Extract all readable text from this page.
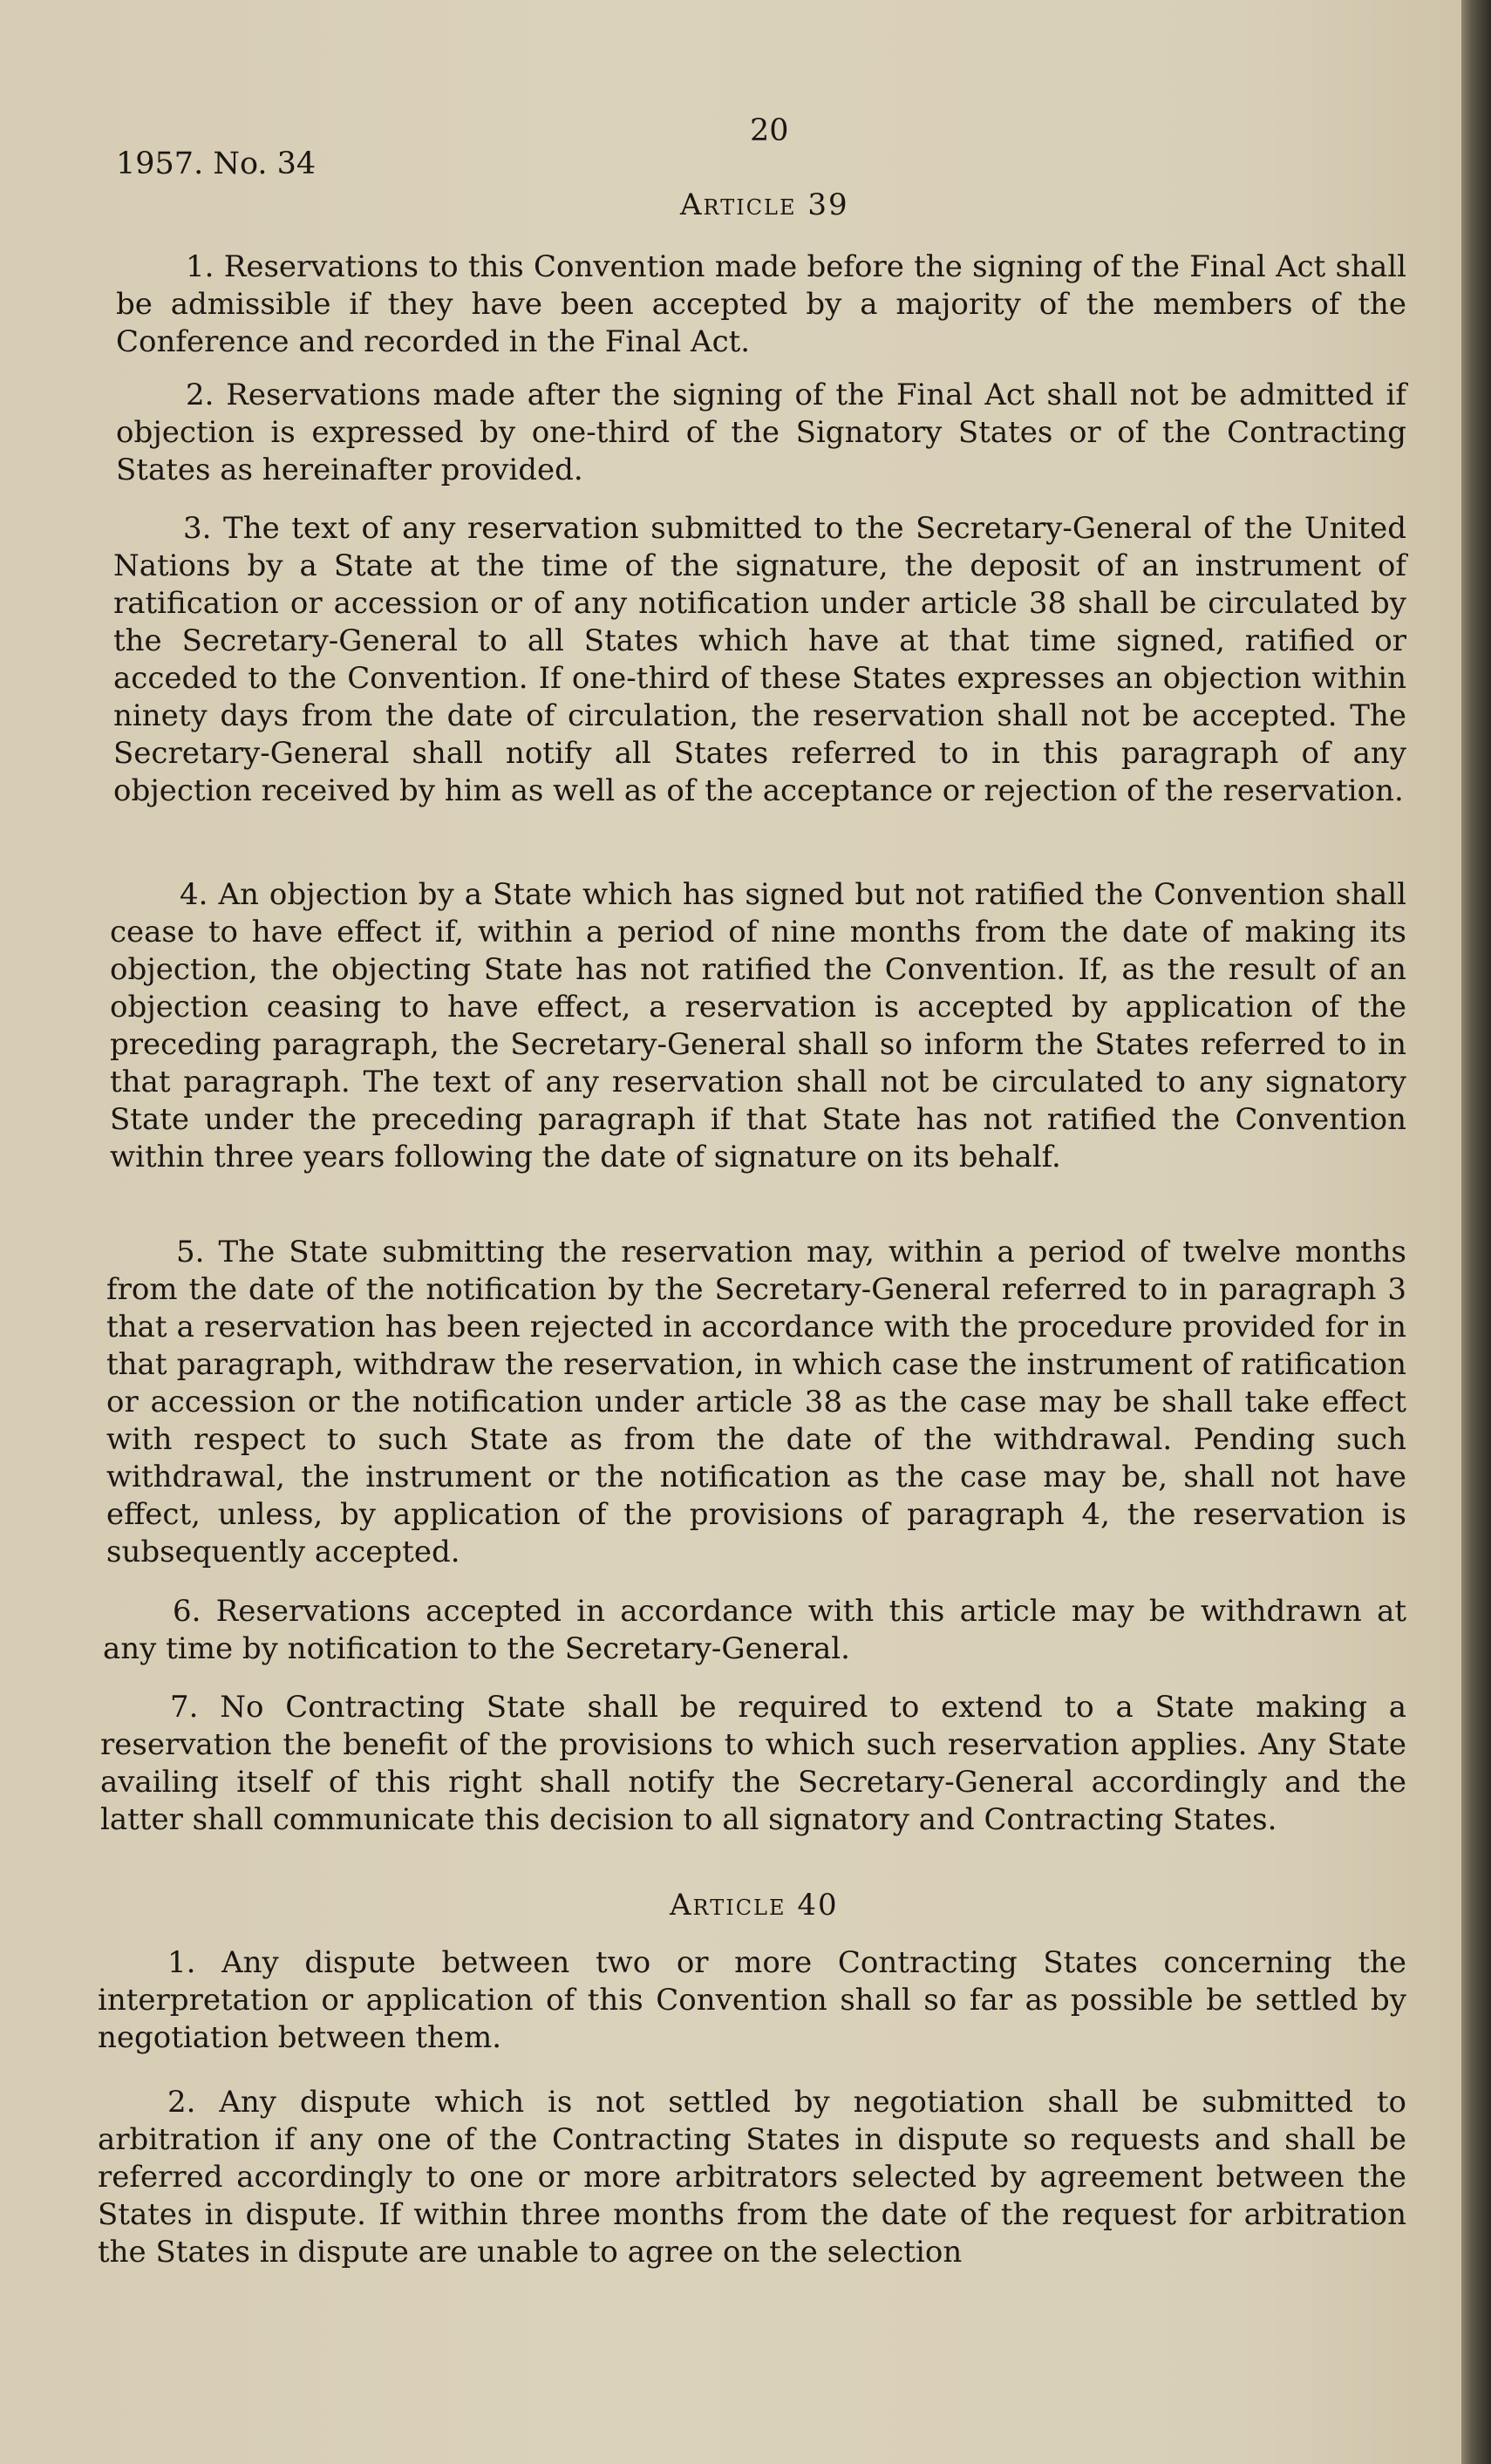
20
1957. No. 34
Article 39

1. Reservations to this Convention made before the signing of the Final Act shall be admissible if they have been accepted by a majority of the members of the Conference and recorded in the Final Act.

2. Reservations made after the signing of the Final Act shall not be admitted if objection is expressed by one-third of the Signatory States or of the Contracting States as hereinafter provided.

3. The text of any reservation submitted to the Secretary-General of the United Nations by a State at the time of the signature, the deposit of an instrument of ratification or accession or of any notification under article 38 shall be circulated by the Secretary-General to all States which have at that time signed, ratified or acceded to the Convention. If one-third of these States expresses an objection within ninety days from the date of circulation, the reservation shall not be accepted. The Secretary-General shall notify all States referred to in this paragraph of any objection received by him as well as of the acceptance or rejection of the reservation.

4. An objection by a State which has signed but not ratified the Convention shall cease to have effect if, within a period of nine months from the date of making its objection, the objecting State has not ratified the Convention. If, as the result of an objection ceasing to have effect, a reservation is accepted by application of the preceding paragraph, the Secretary-General shall so inform the States referred to in that paragraph. The text of any reservation shall not be circulated to any signatory State under the preceding paragraph if that State has not ratified the Convention within three years following the date of signature on its behalf.

5. The State submitting the reservation may, within a period of twelve months from the date of the notification by the Secretary-General referred to in paragraph 3 that a reservation has been rejected in accordance with the procedure provided for in that paragraph, withdraw the reservation, in which case the instrument of ratification or accession or the notification under article 38 as the case may be shall take effect with respect to such State as from the date of the withdrawal. Pending such withdrawal, the instrument or the notification as the case may be, shall not have effect, unless, by application of the provisions of paragraph 4, the reservation is subsequently accepted.

6. Reservations accepted in accordance with this article may be withdrawn at any time by notification to the Secretary-General.

7. No Contracting State shall be required to extend to a State making a reservation the benefit of the provisions to which such reservation applies. Any State availing itself of this right shall notify the Secretary-General accordingly and the latter shall communicate this decision to all signatory and Contracting States.

Article 40

1. Any dispute between two or more Contracting States concerning the interpretation or application of this Convention shall so far as possible be settled by negotiation between them.

2. Any dispute which is not settled by negotiation shall be submitted to arbitration if any one of the Contracting States in dispute so requests and shall be referred accordingly to one or more arbitrators selected by agreement between the States in dispute. If within three months from the date of the request for arbitration the States in dispute are unable to agree on the selection
